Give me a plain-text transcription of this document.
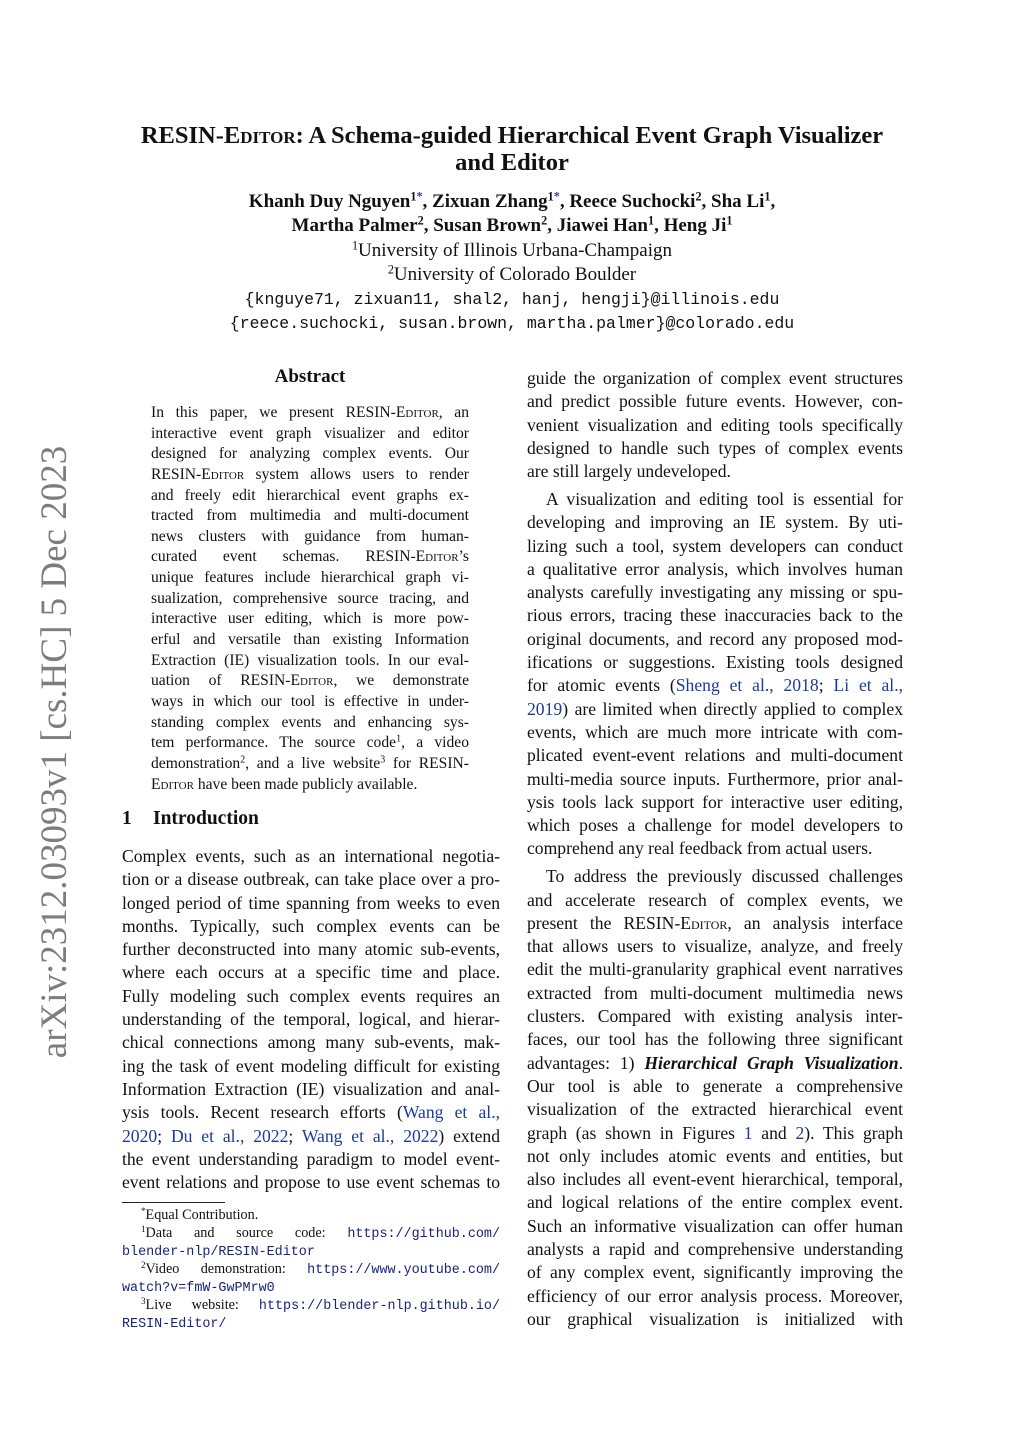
arXiv:2312.03093v1 [cs.HC] 5 Dec 2023
RESIN-Editor: A Schema-guided Hierarchical Event Graph Visualizer
and Editor
Khanh Duy Nguyen$^{1*}$, Zixuan Zhang$^{1*}$, Reece Suchocki$^2$, Sha Li$^1$,
Martha Palmer$^2$, Susan Brown$^2$, Jiawei Han$^1$, Heng Ji$^1$
$^1$University of Illinois Urbana-Champaign
$^2$University of Colorado Boulder
{knguye71, zixuan11, shal2, hanj, hengji}@illinois.edu
{reece.suchocki, susan.brown, martha.palmer}@colorado.edu
Abstract
In this paper, we present RESIN-Editor, an
interactive event graph visualizer and editor
designed for analyzing complex events. Our
RESIN-Editor system allows users to render
and freely edit hierarchical event graphs ex-
tracted from multimedia and multi-document
news clusters with guidance from human-
curated event schemas. RESIN-Editor’s
unique features include hierarchical graph vi-
sualization, comprehensive source tracing, and
interactive user editing, which is more pow-
erful and versatile than existing Information
Extraction (IE) visualization tools. In our eval-
uation of RESIN-Editor, we demonstrate
ways in which our tool is effective in under-
standing complex events and enhancing sys-
tem performance. The source code$^1$, a video
demonstration$^2$, and a live website$^3$ for RESIN-
Editor have been made publicly available.
1 Introduction
Complex events, such as an international negotia-
tion or a disease outbreak, can take place over a pro-
longed period of time spanning from weeks to even
months. Typically, such complex events can be
further deconstructed into many atomic sub-events,
where each occurs at a specific time and place.
Fully modeling such complex events requires an
understanding of the temporal, logical, and hierar-
chical connections among many sub-events, mak-
ing the task of event modeling difficult for existing
Information Extraction (IE) visualization and anal-
ysis tools. Recent research efforts (Wang et al.,
2020; Du et al., 2022; Wang et al., 2022) extend
the event understanding paradigm to model event-
event relations and propose to use event schemas to
*Equal Contribution.
$^1$Data and source code: https://github.com/
blender-nlp/RESIN-Editor
$^2$Video demonstration: https://www.youtube.com/
watch?v=fmW-GwPMrw0
$^3$Live website: https://blender-nlp.github.io/
RESIN-Editor/
guide the organization of complex event structures
and predict possible future events. However, con-
venient visualization and editing tools specifically
designed to handle such types of complex events
are still largely undeveloped.
A visualization and editing tool is essential for
developing and improving an IE system. By uti-
lizing such a tool, system developers can conduct
a qualitative error analysis, which involves human
analysts carefully investigating any missing or spu-
rious errors, tracing these inaccuracies back to the
original documents, and record any proposed mod-
ifications or suggestions. Existing tools designed
for atomic events (Sheng et al., 2018; Li et al.,
2019) are limited when directly applied to complex
events, which are much more intricate with com-
plicated event-event relations and multi-document
multi-media source inputs. Furthermore, prior anal-
ysis tools lack support for interactive user editing,
which poses a challenge for model developers to
comprehend any real feedback from actual users.
To address the previously discussed challenges
and accelerate research of complex events, we
present the RESIN-Editor, an analysis interface
that allows users to visualize, analyze, and freely
edit the multi-granularity graphical event narratives
extracted from multi-document multimedia news
clusters. Compared with existing analysis inter-
faces, our tool has the following three significant
advantages: 1) Hierarchical Graph Visualization.
Our tool is able to generate a comprehensive
visualization of the extracted hierarchical event
graph (as shown in Figures 1 and 2). This graph
not only includes atomic events and entities, but
also includes all event-event hierarchical, temporal,
and logical relations of the entire complex event.
Such an informative visualization can offer human
analysts a rapid and comprehensive understanding
of any complex event, significantly improving the
efficiency of our error analysis process. Moreover,
our graphical visualization is initialized with
